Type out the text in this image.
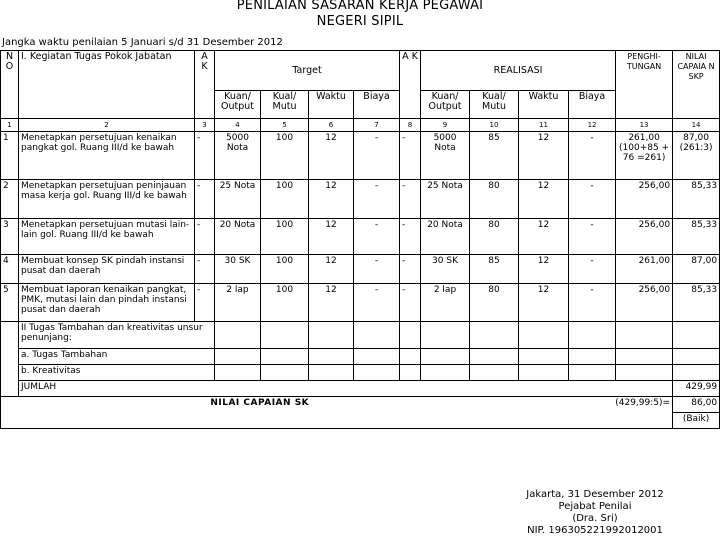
PENILAIAN SASARAN KERJA PEGAWAI
NEGERI SIPIL
Jangka waktu penilaian 5 Januari s/d 31 Desember 2012
N O	I. Kegiatan Tugas Pokok Jabatan	A K	Target				A K	REALISASI				PENGHI-TUNGAN	NILAI CAPAIA N SKP
			Kuan/ Output	Kual/ Mutu	Waktu	Biaya		Kuan/ Output	Kual/ Mutu	Waktu	Biaya		
1	2	3	4	5	6	7	8	9	10	11	12	13	14
1	Menetapkan persetujuan kenaikan pangkat gol. Ruang III/d ke bawah	-	5000 Nota	100	12	-	-	5000 Nota	85	12	-	261,00 (100+85 + 76 =261)	87,00 (261:3)
2	Menetapkan persetujuan peninjauan masa kerja gol. Ruang III/d ke bawah	-	25 Nota	100	12	-	-	25 Nota	80	12	-	256,00	85,33
3	Menetapkan persetujuan mutasi lain-lain gol. Ruang III/d ke bawah	-	20 Nota	100	12	-	-	20 Nota	80	12	-	256,00	85,33
4	Membuat konsep SK pindah instansi pusat dan daerah	-	30 SK	100	12	-	-	30 SK	85	12	-	261,00	87,00
5	Membuat laporan kenaikan pangkat, PMK, mutasi lain dan pindah instansi pusat dan daerah	-	2 lap	100	12	-	-	2 lap	80	12	-	256,00	85,33
	II Tugas Tambahan dan kreativitas unsur penunjang:												
	a. Tugas Tambahan												
	b. Kreativitas												
	JUMLAH												429,99
NILAI CAPAIAN SK										(429,99:5)=			86,00
													(Baik)
Jakarta, 31 Desember 2012
Pejabat Penilai
(Dra. Sri)
NIP. 196305221992012001
